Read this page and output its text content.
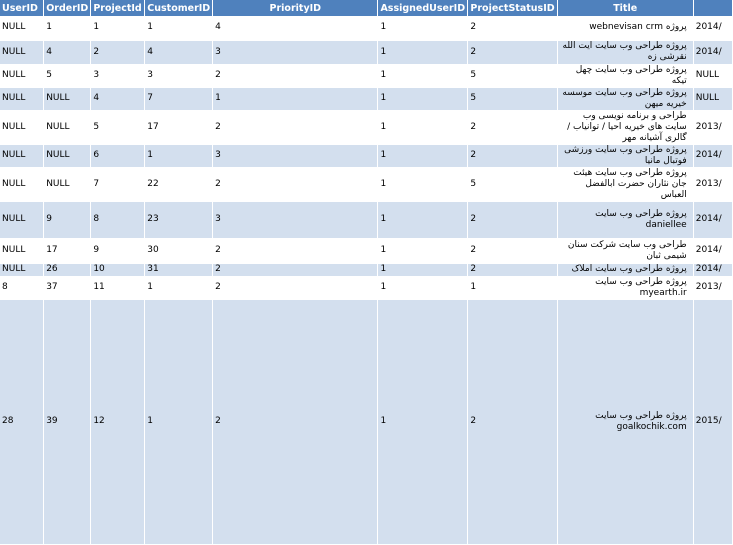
UserID	OrderID	ProjectId	CustomerID	PriorityID	AssignedUserID	ProjectStatusID	Title	
NULL	1	1	1	4	1	2	پروژه webnevisan crm	2014/
NULL	4	2	4	3	1	2	پروژه طراحی وب سایت آیت الله نقرشی زه	2014/
NULL	5	3	3	2	1	5	پروژه طراحی وب سایت چهل تیکه	NULL
NULL	NULL	4	7	1	1	5	پروژه طراحی وب سایت موسسه خیریه میهن	NULL
NULL	NULL	5	17	2	1	2	طراحی و برنامه نویسی وب سایت های خیریه احیا / توانیاب / گالری آشیانه مهر	2013/
NULL	NULL	6	1	3	1	2	پروژه طراحی وب سایت ورزشی فوتبال مانیا	2014/
NULL	NULL	7	22	2	1	5	پروژه طراحی وب سایت هیئت جان نثاران حضرت ابالفضل العباس	2013/
NULL	9	8	23	3	1	2	پروژه طراحی وب سایت daniellee	2014/
NULL	17	9	30	2	1	2	طراحی وب سایت شرکت سنان شیمی ثبان	2014/
NULL	26	10	31	2	1	2	پروژه طراحی وب سایت املاک	2014/
8	37	11	1	2	1	1	پروژه طراحی وب سایت myearth.ir	2013/
28	39	12	1	2	1	2	پروژه طراحی وب سایت goalkochik.com	2015/
